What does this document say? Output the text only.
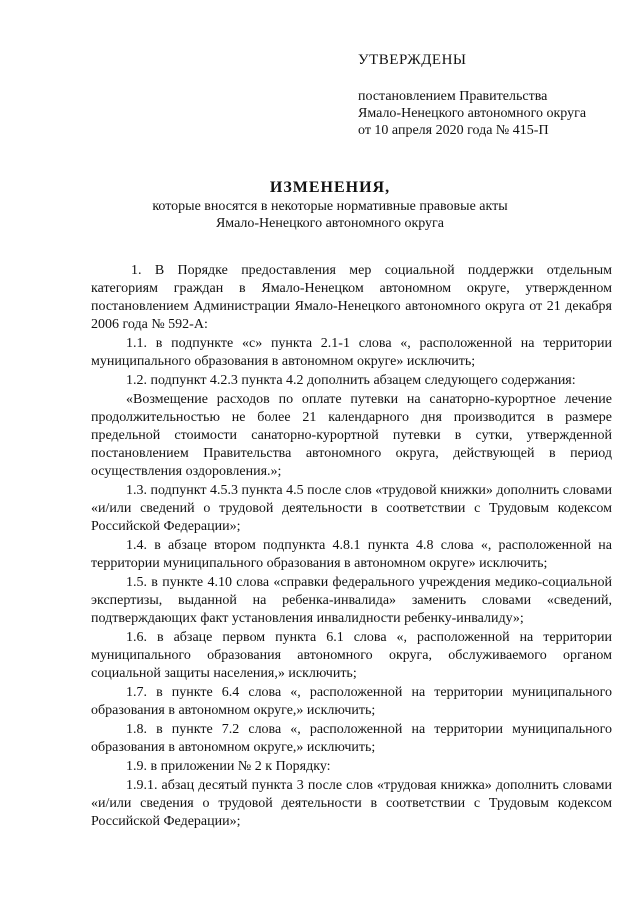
УТВЕРЖДЕНЫ
постановлением Правительства
Ямало-Ненецкого автономного округа
от 10 апреля 2020 года № 415-П
ИЗМЕНЕНИЯ,
которые вносятся в некоторые нормативные правовые акты
Ямало-Ненецкого автономного округа

1. В Порядке предоставления мер социальной поддержки отдельным категориям граждан в Ямало-Ненецком автономном округе, утвержденном постановлением Администрации Ямало-Ненецкого автономного округа от 21 декабря 2006 года № 592-А:

1.1. в подпункте «с» пункта 2.1-1 слова «, расположенной на территории муниципального образования в автономном округе» исключить;

1.2. подпункт 4.2.3 пункта 4.2 дополнить абзацем следующего содержания:

«Возмещение расходов по оплате путевки на санаторно-курортное лечение продолжительностью не более 21 календарного дня производится в размере предельной стоимости санаторно-курортной путевки в сутки, утвержденной постановлением Правительства автономного округа, действующей в период осуществления оздоровления.»;

1.3. подпункт 4.5.3 пункта 4.5 после слов «трудовой книжки» дополнить словами «и/или сведений о трудовой деятельности в соответствии с Трудовым кодексом Российской Федерации»;

1.4. в абзаце втором подпункта 4.8.1 пункта 4.8 слова «, расположенной на территории муниципального образования в автономном округе» исключить;

1.5. в пункте 4.10 слова «справки федерального учреждения медико-социальной экспертизы, выданной на ребенка-инвалида» заменить словами «сведений, подтверждающих факт установления инвалидности ребенку-инвалиду»;

1.6. в абзаце первом пункта 6.1 слова «, расположенной на территории муниципального образования автономного округа, обслуживаемого органом социальной защиты населения,» исключить;

1.7. в пункте 6.4 слова «, расположенной на территории муниципального образования в автономном округе,» исключить;

1.8. в пункте 7.2 слова «, расположенной на территории муниципального образования в автономном округе,» исключить;

1.9. в приложении № 2 к Порядку:

1.9.1. абзац десятый пункта 3 после слов «трудовая книжка» дополнить словами «и/или сведения о трудовой деятельности в соответствии с Трудовым кодексом Российской Федерации»;
